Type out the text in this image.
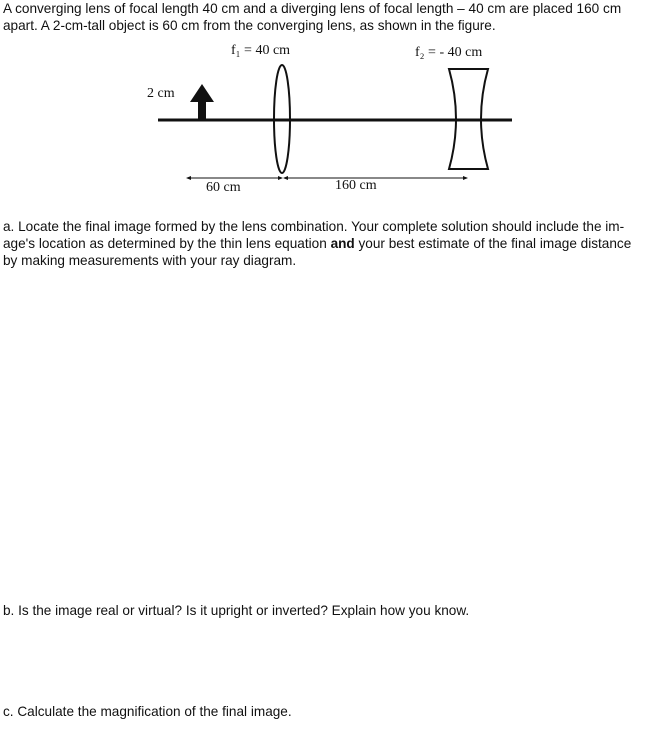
A converging lens of focal length 40 cm and a diverging lens of focal length – 40 cm are placed 160 cm
apart. A 2-cm-tall object is 60 cm from the converging lens, as shown in the figure.

f₁ = 40 cm	f₂ = - 40 cm
2 cm
60 cm	160 cm

a. Locate the final image formed by the lens combination. Your complete solution should include the im-
age's location as determined by the thin lens equation and your best estimate of the final image distance
by making measurements with your ray diagram.

b. Is the image real or virtual? Is it upright or inverted? Explain how you know.

c. Calculate the magnification of the final image.
